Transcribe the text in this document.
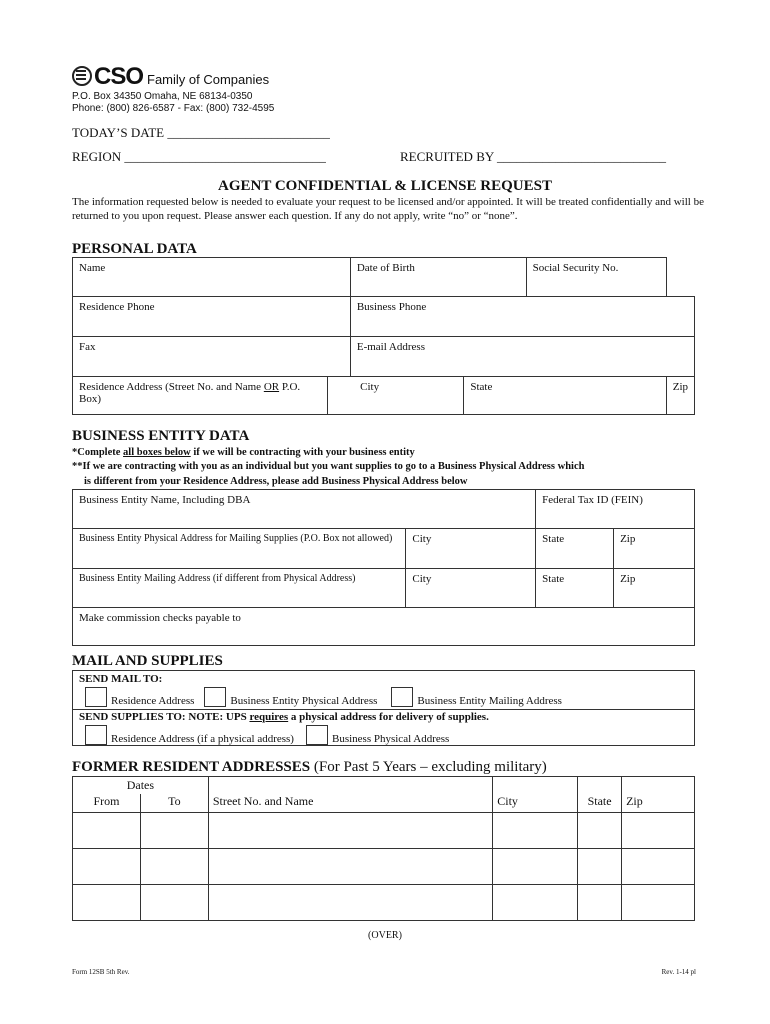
CSO Family of Companies
P.O. Box 34350 Omaha, NE 68134-0350
Phone: (800) 826-6587 - Fax: (800) 732-4595
TODAY’S DATE _________________________
REGION _______________________________	RECRUITED BY __________________________
AGENT CONFIDENTIAL & LICENSE REQUEST
The information requested below is needed to evaluate your request to be licensed and/or appointed. It will be treated confidentially and will be returned to you upon request. Please answer each question. If any do not apply, write “no” or “none”.
PERSONAL DATA
Name		Date of Birth		Social Security No.	
Residence Phone		Business Phone			
Fax		E-mail Address			
Residence Address (Street No. and Name OR P.O. Box)	City		State		Zip
BUSINESS ENTITY DATA
*Complete all boxes below if we will be contracting with your business entity
**If we are contracting with you as an individual but you want supplies to go to a Business Physical Address which
is different from your Residence Address, please add Business Physical Address below
Business Entity Name, Including DBA		Federal Tax ID (FEIN)	
Business Entity Physical Address for Mailing Supplies (P.O. Box not allowed)	City	State	Zip
Business Entity Mailing Address (if different from Physical Address)	City	State	Zip
Make commission checks payable to			
MAIL AND SUPPLIES
SEND MAIL TO:
Residence Address	Business Entity Physical Address	Business Entity Mailing Address
SEND SUPPLIES TO: NOTE: UPS requires a physical address for delivery of supplies.
Residence Address (if a physical address)	Business Physical Address
FORMER RESIDENT ADDRESSES (For Past 5 Years – excluding military)
Dates					
From	To	Street No. and Name	City	State	Zip

(OVER)
Form 12SB 5th Rev.	Rev. 1-14 pl
